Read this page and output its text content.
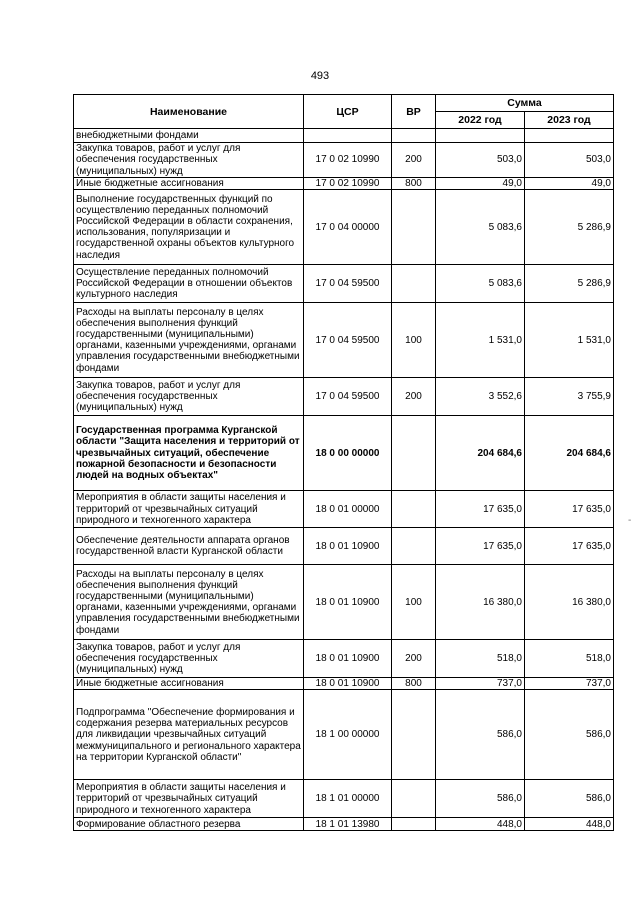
493
Наименование	ЦСР	ВР	Сумма	
			2022 год	2023 год
внебюджетными фондами				
Закупка товаров, работ и услуг для обеспечения государственных (муниципальных) нужд	17 0 02 10990	200	503,0	503,0
Иные бюджетные ассигнования	17 0 02 10990	800	49,0	49,0
Выполнение государственных функций по осуществлению переданных полномочий Российской Федерации в области сохранения, использования, популяризации и государственной охраны объектов культурного наследия	17 0 04 00000		5 083,6	5 286,9
Осуществление переданных полномочий Российской Федерации в отношении объектов культурного наследия	17 0 04 59500		5 083,6	5 286,9
Расходы на выплаты персоналу в целях обеспечения выполнения функций государственными (муниципальными) органами, казенными учреждениями, органами управления государственными внебюджетными фондами	17 0 04 59500	100	1 531,0	1 531,0
Закупка товаров, работ и услуг для обеспечения государственных (муниципальных) нужд	17 0 04 59500	200	3 552,6	3 755,9
Государственная программа Курганской области "Защита населения и территорий от чрезвычайных ситуаций, обеспечение пожарной безопасности и безопасности людей на водных объектах"	18 0 00 00000		204 684,6	204 684,6
Мероприятия в области защиты населения и территорий от чрезвычайных ситуаций природного и техногенного характера	18 0 01 00000		17 635,0	17 635,0
Обеспечение деятельности аппарата органов государственной власти Курганской области	18 0 01 10900		17 635,0	17 635,0
Расходы на выплаты персоналу в целях обеспечения выполнения функций государственными (муниципальными) органами, казенными учреждениями, органами управления государственными внебюджетными фондами	18 0 01 10900	100	16 380,0	16 380,0
Закупка товаров, работ и услуг для обеспечения государственных (муниципальных) нужд	18 0 01 10900	200	518,0	518,0
Иные бюджетные ассигнования	18 0 01 10900	800	737,0	737,0
Подпрограмма "Обеспечение формирования и содержания резерва материальных ресурсов для ликвидации чрезвычайных ситуаций межмуниципального и регионального характера на территории Курганской области"	18 1 00 00000		586,0	586,0
Мероприятия в области защиты населения и территорий от чрезвычайных ситуаций природного и техногенного характера	18 1 01 00000		586,0	586,0
Формирование областного резерва	18 1 01 13980		448,0	448,0
-
